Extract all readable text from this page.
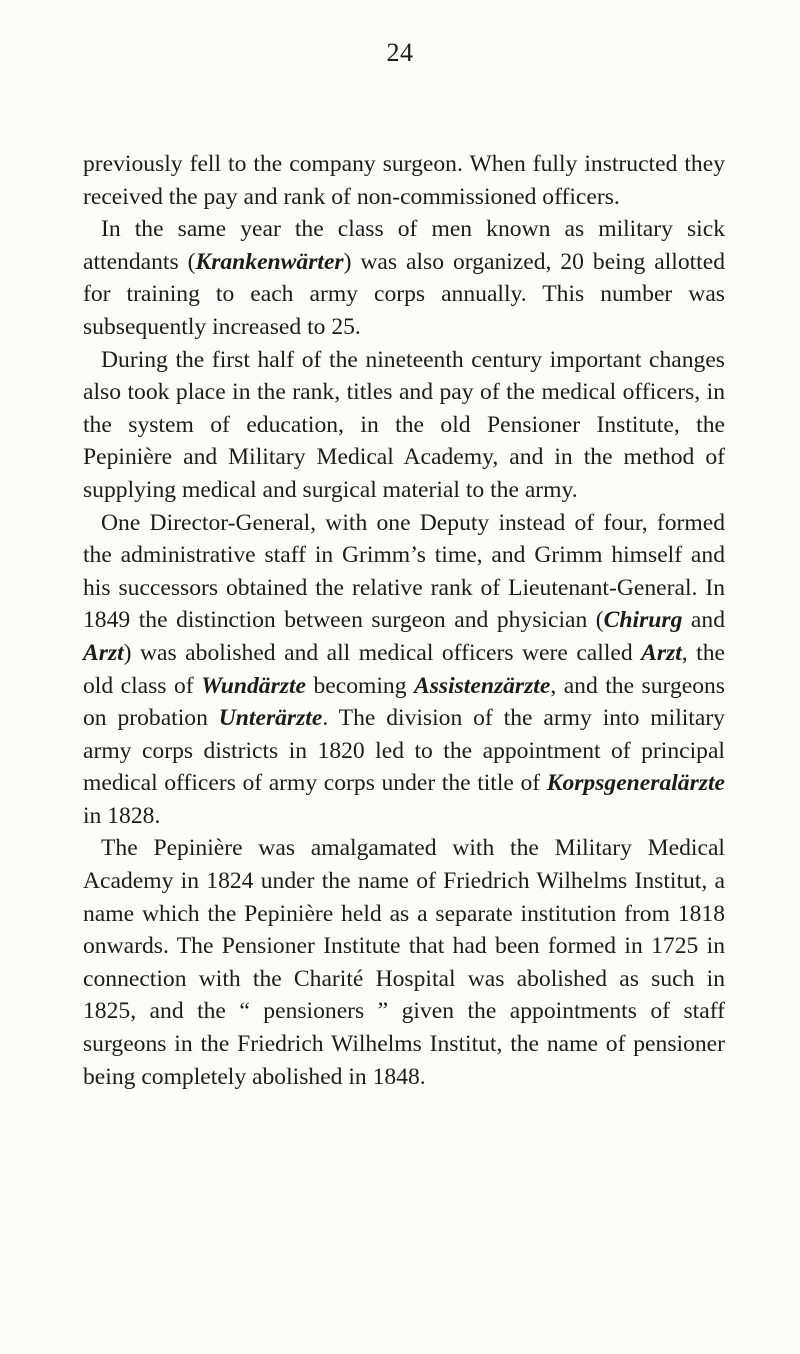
24

previously fell to the company surgeon. When fully instructed they received the pay and rank of non-commissioned officers.

In the same year the class of men known as military sick attendants (Krankenwärter) was also organized, 20 being allotted for training to each army corps annually. This number was subsequently increased to 25.

During the first half of the nineteenth century important changes also took place in the rank, titles and pay of the medical officers, in the system of education, in the old Pensioner Institute, the Pepinière and Military Medical Academy, and in the method of supplying medical and surgical material to the army.

One Director-General, with one Deputy instead of four, formed the administrative staff in Grimm’s time, and Grimm himself and his successors obtained the relative rank of Lieutenant-General. In 1849 the distinction between surgeon and physician (Chirurg and Arzt) was abolished and all medical officers were called Arzt, the old class of Wundärzte becoming Assistenzärzte, and the surgeons on probation Unterärzte. The division of the army into military army corps districts in 1820 led to the appointment of principal medical officers of army corps under the title of Korpsgeneralärzte in 1828.

The Pepinière was amalgamated with the Military Medical Academy in 1824 under the name of Friedrich Wilhelms Institut, a name which the Pepinière held as a separate institution from 1818 onwards. The Pensioner Institute that had been formed in 1725 in connection with the Charité Hospital was abolished as such in 1825, and the “ pensioners ” given the appointments of staff surgeons in the Friedrich Wilhelms Institut, the name of pensioner being completely abolished in 1848.
